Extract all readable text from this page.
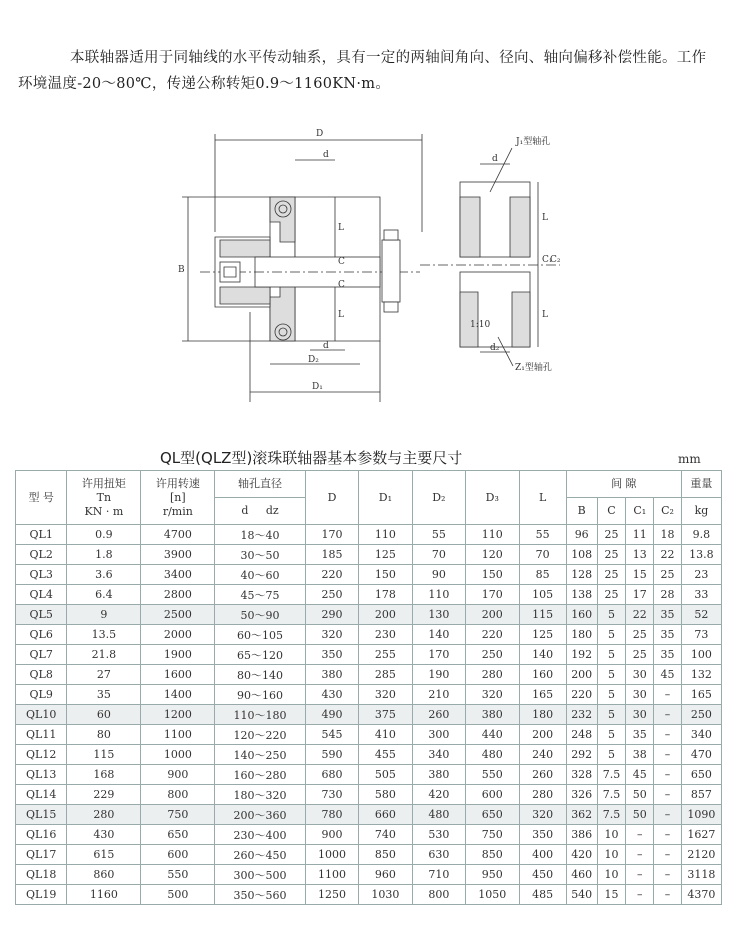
本联轴器适用于同轴线的水平传动轴系，具有一定的两轴间角向、径向、轴向偏移补偿性能。工作环境温度-20～80℃，传递公称转矩0.9～1160KN·m。

D
d
B
L
C
C
L
d
D₂
D₁
d
J₁型轴孔
L
C₁
C₂
L
1:10
d₂
Z₁型轴孔
QL型(QLZ型)滚珠联轴器基本参数与主要尺寸	mm
型 号	许用扭矩
Tn
KN · m	许用转速
[n]
r/min	轴孔直径	D	D₁	D₂	D₃	L	间 隙				重量
			d     dz						B	C	C₁	C₂	kg
QL1	0.9	4700	18～40	170	110	55	110	55	96	25	11	18	9.8
QL2	1.8	3900	30～50	185	125	70	120	70	108	25	13	22	13.8
QL3	3.6	3400	40～60	220	150	90	150	85	128	25	15	25	23
QL4	6.4	2800	45～75	250	178	110	170	105	138	25	17	28	33
QL5	9	2500	50～90	290	200	130	200	115	160	5	22	35	52
QL6	13.5	2000	60～105	320	230	140	220	125	180	5	25	35	73
QL7	21.8	1900	65～120	350	255	170	250	140	192	5	25	35	100
QL8	27	1600	80～140	380	285	190	280	160	200	5	30	45	132
QL9	35	1400	90～160	430	320	210	320	165	220	5	30	–	165
QL10	60	1200	110～180	490	375	260	380	180	232	5	30	–	250
QL11	80	1100	120～220	545	410	300	440	200	248	5	35	–	340
QL12	115	1000	140～250	590	455	340	480	240	292	5	38	–	470
QL13	168	900	160～280	680	505	380	550	260	328	7.5	45	–	650
QL14	229	800	180～320	730	580	420	600	280	326	7.5	50	–	857
QL15	280	750	200～360	780	660	480	650	320	362	7.5	50	–	1090
QL16	430	650	230～400	900	740	530	750	350	386	10	–	–	1627
QL17	615	600	260～450	1000	850	630	850	400	420	10	–	–	2120
QL18	860	550	300～500	1100	960	710	950	450	460	10	–	–	3118
QL19	1160	500	350～560	1250	1030	800	1050	485	540	15	–	–	4370
